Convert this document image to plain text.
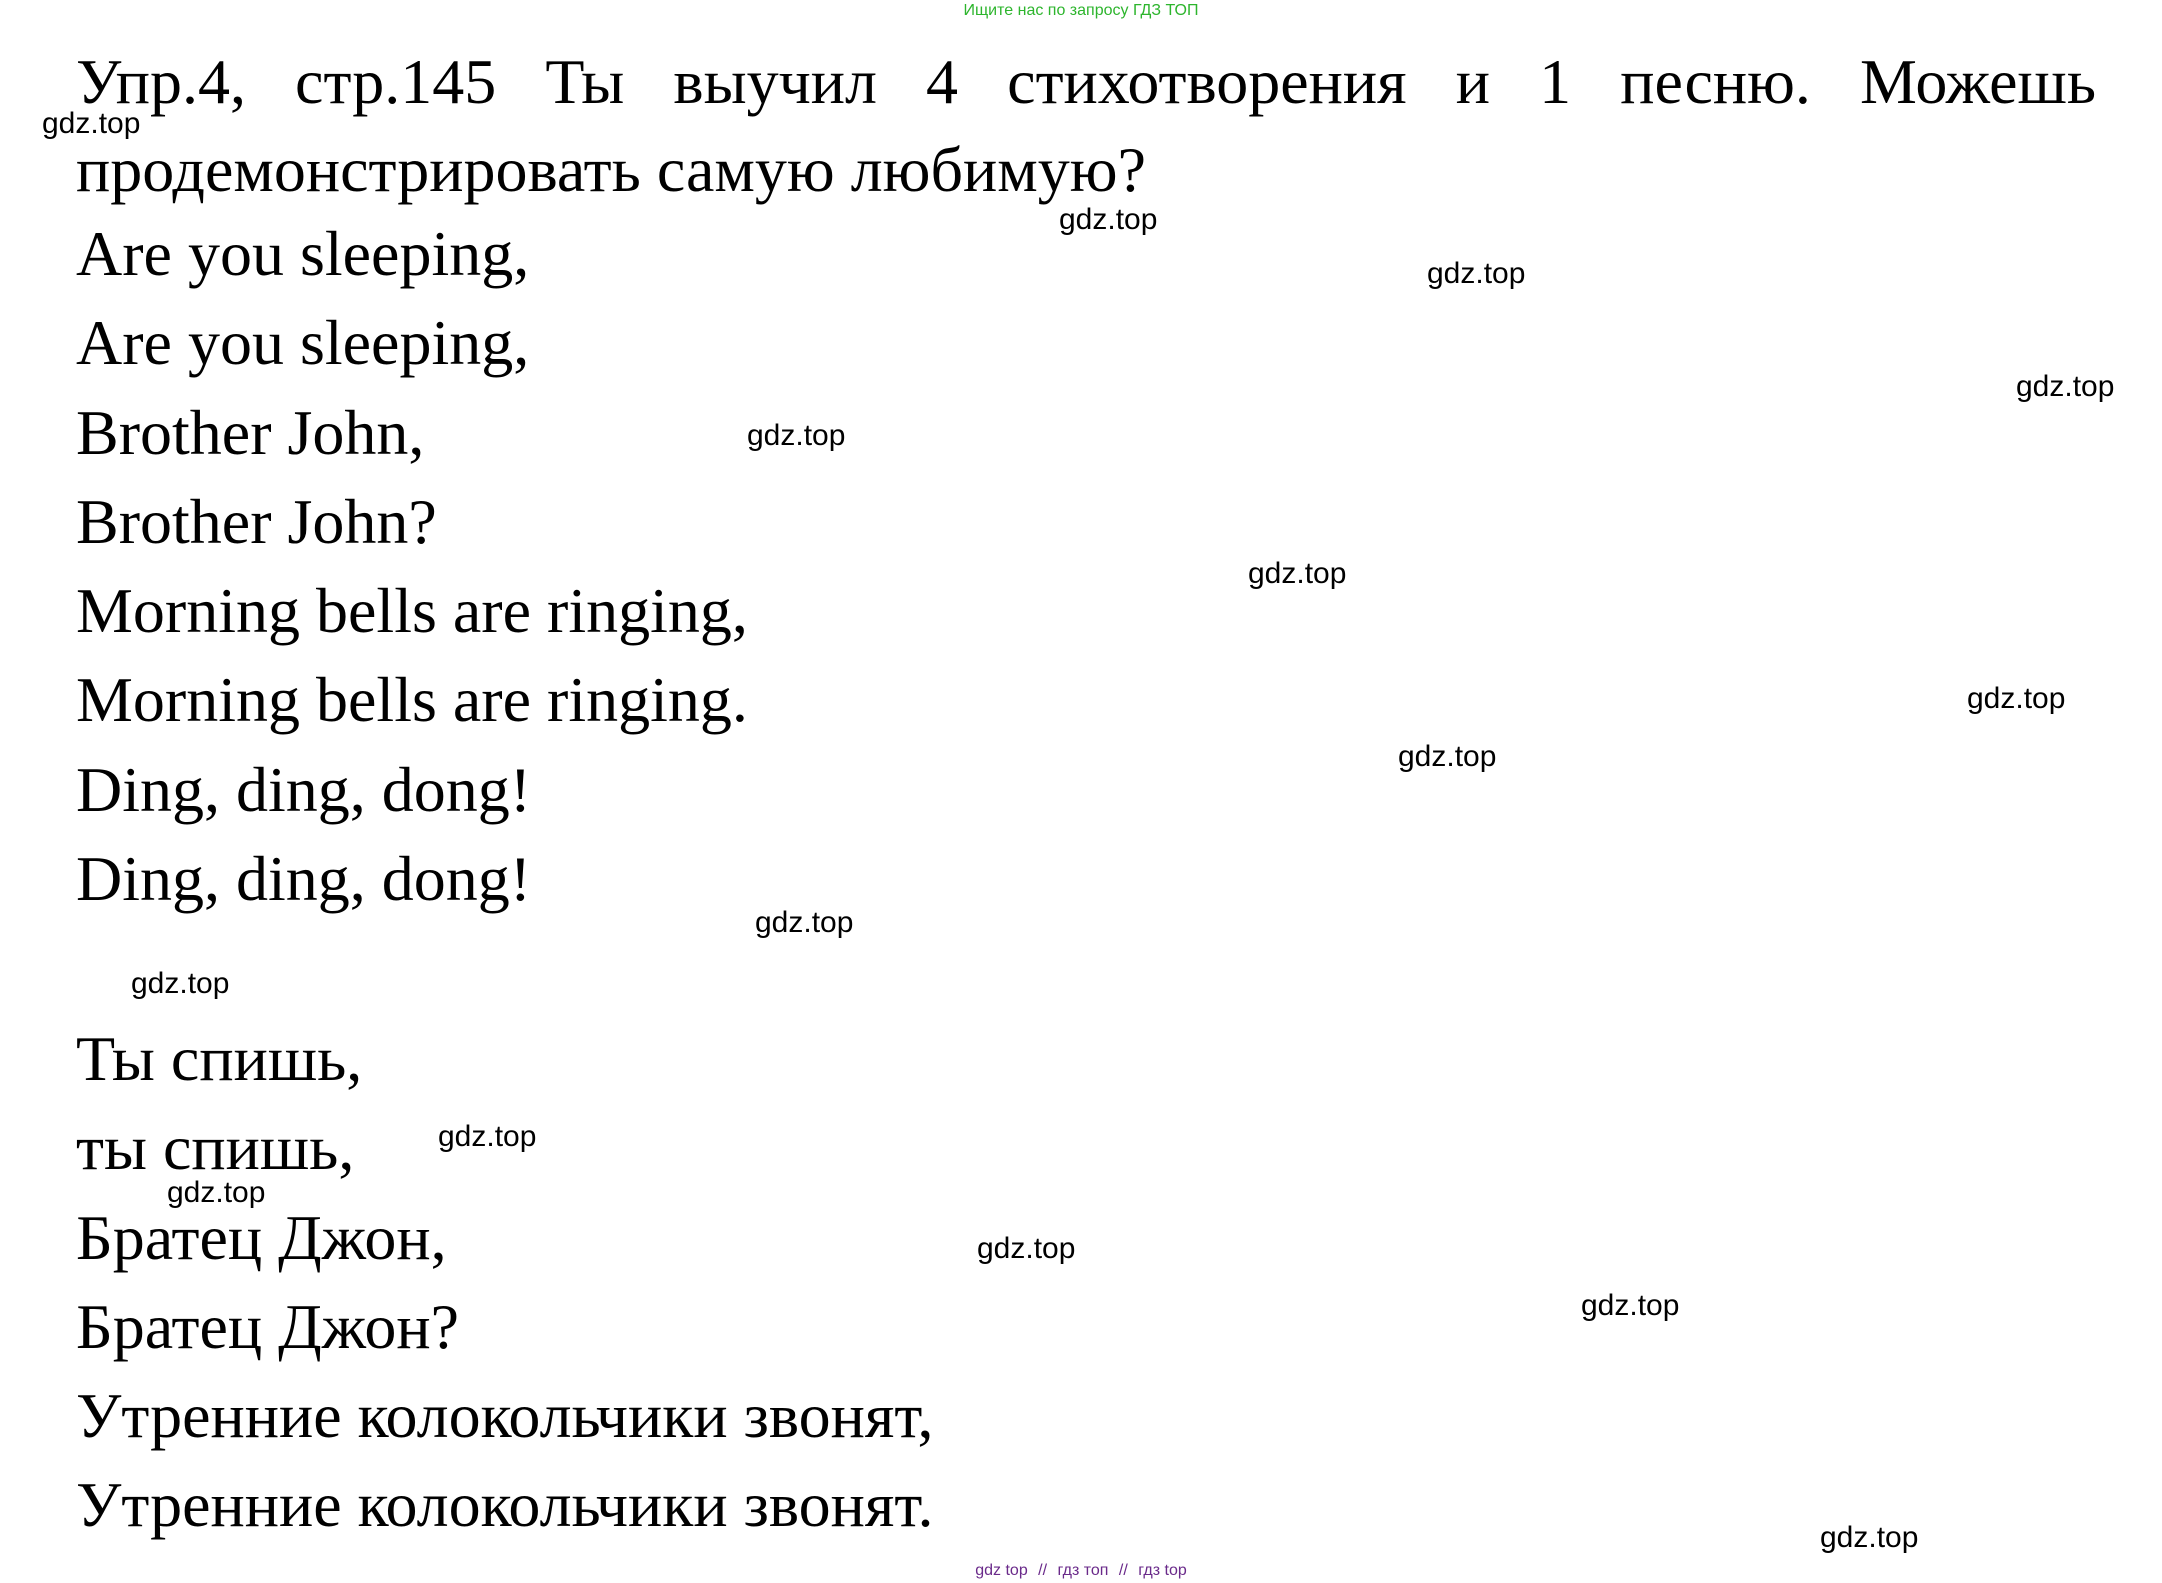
Ищите нас по запросу ГДЗ ТОП

Упр.4, стр.145 Ты выучил 4 стихотворения и 1 песню. Можешь продемонстрировать самую любимую?

Are you sleeping,
Are you sleeping,
Brother John,
Brother John?
Morning bells are ringing,
Morning bells are ringing.
Ding, ding, dong!
Ding, ding, dong!
Ты спишь,
ты спишь,
Братец Джон,
Братец Джон?
Утренние колокольчики звонят,
Утренние колокольчики звонят.
gdz.top
gdz.top
gdz.top
gdz.top
gdz.top
gdz.top
gdz.top
gdz.top
gdz.top
gdz.top
gdz.top
gdz.top
gdz.top
gdz.top
gdz.top
gdz top // гдз топ // гдз top
